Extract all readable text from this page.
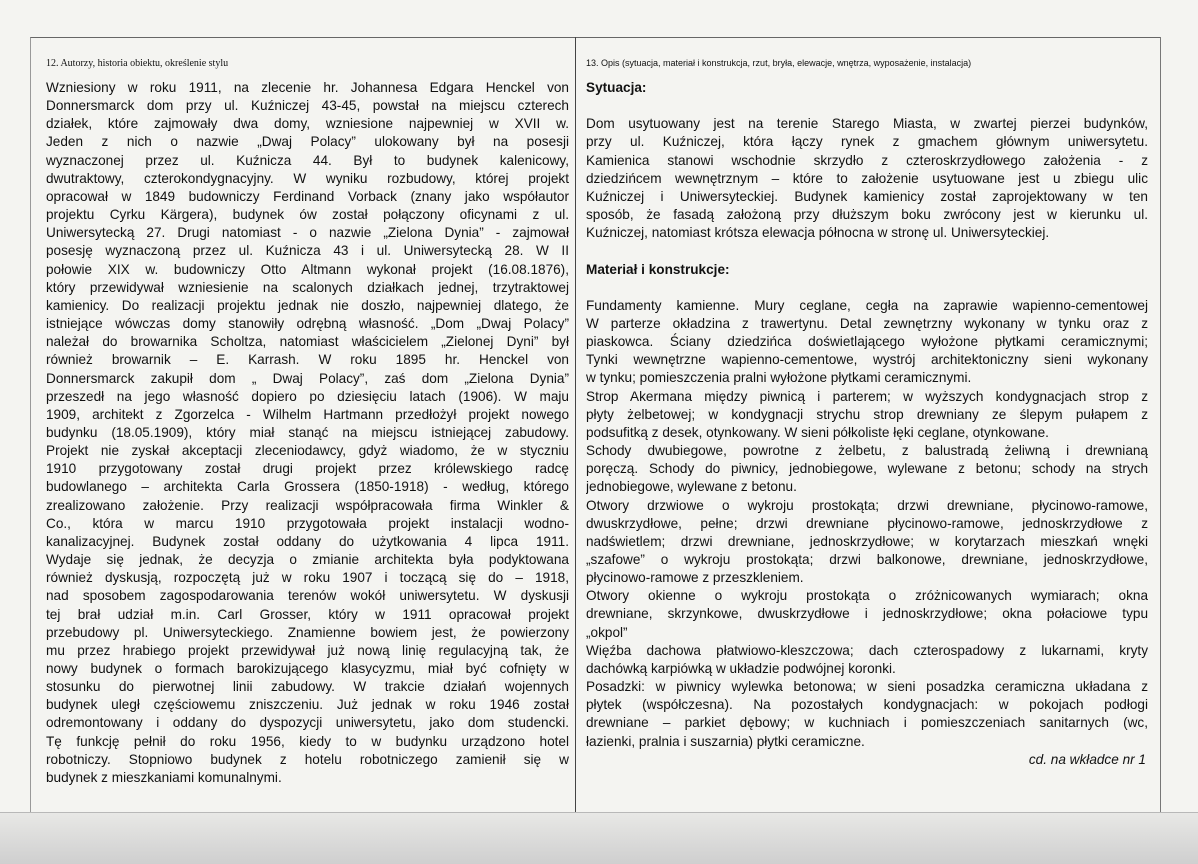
12. Autorzy, historia obiektu, określenie stylu	13. Opis (sytuacja, materiał i konstrukcja, rzut, bryła, elewacje, wnętrza, wyposażenie, instalacja)
Wzniesiony w roku 1911, na zlecenie hr. Johannesa Edgara Henckel von
Donnersmarck dom przy ul. Kuźniczej 43-45, powstał na miejscu czterech
działek, które zajmowały dwa domy, wzniesione najpewniej w XVII w.
Jeden z nich o nazwie „Dwaj Polacy” ulokowany był na posesji
wyznaczonej przez ul. Kuźnicza 44. Był to budynek kalenicowy,
dwutraktowy, czterokondygnacyjny. W wyniku rozbudowy, której projekt
opracował w 1849 budowniczy Ferdinand Vorback (znany jako współautor
projektu Cyrku Kärgera), budynek ów został połączony oficynami z ul.
Uniwersytecką 27. Drugi natomiast - o nazwie „Zielona Dynia” - zajmował
posesję wyznaczoną przez ul. Kuźnicza 43 i ul. Uniwersytecką 28. W II
połowie XIX w. budowniczy Otto Altmann wykonał projekt (16.08.1876),
który przewidywał wzniesienie na scalonych działkach jednej, trzytraktowej
kamienicy. Do realizacji projektu jednak nie doszło, najpewniej dlatego, że
istniejące wówczas domy stanowiły odrębną własność. „Dom „Dwaj Polacy”
należał do browarnika Scholtza, natomiast właścicielem „Zielonej Dyni” był
również browarnik – E. Karrash. W roku 1895 hr. Henckel von
Donnersmarck zakupił dom „ Dwaj Polacy”, zaś dom „Zielona Dynia”
przeszedł na jego własność dopiero po dziesięciu latach (1906). W maju
1909, architekt z Zgorzelca - Wilhelm Hartmann przedłożył projekt nowego
budynku (18.05.1909), który miał stanąć na miejscu istniejącej zabudowy.
Projekt nie zyskał akceptacji zleceniodawcy, gdyż wiadomo, że w styczniu
1910 przygotowany został drugi projekt przez królewskiego radcę
budowlanego – architekta Carla Grossera (1850-1918) - według, którego
zrealizowano założenie. Przy realizacji współpracowała firma Winkler &
Co., która w marcu 1910 przygotowała projekt instalacji wodno-
kanalizacyjnej. Budynek został oddany do użytkowania 4 lipca 1911.
Wydaje się jednak, że decyzja o zmianie architekta była podyktowana
również dyskusją, rozpoczętą już w roku 1907 i toczącą się do – 1918,
nad sposobem zagospodarowania terenów wokół uniwersytetu. W dyskusji
tej brał udział m.in. Carl Grosser, który w 1911 opracował projekt
przebudowy pl. Uniwersyteckiego. Znamienne bowiem jest, że powierzony
mu przez hrabiego projekt przewidywał już nową linię regulacyjną tak, że
nowy budynek o formach barokizującego klasycyzmu, miał być cofnięty w
stosunku do pierwotnej linii zabudowy. W trakcie działań wojennych
budynek uległ częściowemu zniszczeniu. Już jednak w roku 1946 został
odremontowany i oddany do dyspozycji uniwersytetu, jako dom studencki.
Tę funkcję pełnił do roku 1956, kiedy to w budynku urządzono hotel
robotniczy. Stopniowo budynek z hotelu robotniczego zamienił się w
budynek z mieszkaniami komunalnymi.
Sytuacja:
Dom usytuowany jest na terenie Starego Miasta, w zwartej pierzei budynków,
przy ul. Kuźniczej, która łączy rynek z gmachem głównym uniwersytetu.
Kamienica stanowi wschodnie skrzydło z czteroskrzydłowego założenia - z
dziedzińcem wewnętrznym – które to założenie usytuowane jest u zbiegu ulic
Kuźniczej i Uniwersyteckiej. Budynek kamienicy został zaprojektowany w ten
sposób, że fasadą założoną przy dłuższym boku zwrócony jest w kierunku ul.
Kuźniczej, natomiast krótsza elewacja północna w stronę ul. Uniwersyteckiej.
Materiał i konstrukcje:
Fundamenty kamienne. Mury ceglane, cegła na zaprawie wapienno-cementowej
W parterze okładzina z trawertynu. Detal zewnętrzny wykonany w tynku oraz z
piaskowca. Ściany dziedzińca doświetlającego wyłożone płytkami ceramicznymi;
Tynki wewnętrzne wapienno-cementowe, wystrój architektoniczny sieni wykonany
w tynku; pomieszczenia pralni wyłożone płytkami ceramicznymi.
Strop Akermana między piwnicą i parterem; w wyższych kondygnacjach strop z
płyty żelbetowej; w kondygnacji strychu strop drewniany ze ślepym pułapem z
podsufitką z desek, otynkowany. W sieni półkoliste łęki ceglane, otynkowane.
Schody dwubiegowe, powrotne z żelbetu, z balustradą żeliwną i drewnianą
poręczą. Schody do piwnicy, jednobiegowe, wylewane z betonu; schody na strych
jednobiegowe, wylewane z betonu.
Otwory drzwiowe o wykroju prostokąta; drzwi drewniane, płycinowo-ramowe,
dwuskrzydłowe, pełne; drzwi drewniane płycinowo-ramowe, jednoskrzydłowe z
nadświetlem; drzwi drewniane, jednoskrzydłowe; w korytarzach mieszkań wnęki
„szafowe” o wykroju prostokąta; drzwi balkonowe, drewniane, jednoskrzydłowe,
płycinowo-ramowe z przeszkleniem.
Otwory okienne o wykroju prostokąta o zróżnicowanych wymiarach; okna
drewniane, skrzynkowe, dwuskrzydłowe i jednoskrzydłowe; okna połaciowe typu
„okpol”
Więźba dachowa płatwiowo-kleszczowa; dach czterospadowy z lukarnami, kryty
dachówką karpiówką w układzie podwójnej koronki.
Posadzki: w piwnicy wylewka betonowa; w sieni posadzka ceramiczna układana z
płytek (współczesna). Na pozostałych kondygnacjach: w pokojach podłogi
drewniane – parkiet dębowy; w kuchniach i pomieszczeniach sanitarnych (wc,
łazienki, pralnia i suszarnia) płytki ceramiczne.
cd. na wkładce nr 1
